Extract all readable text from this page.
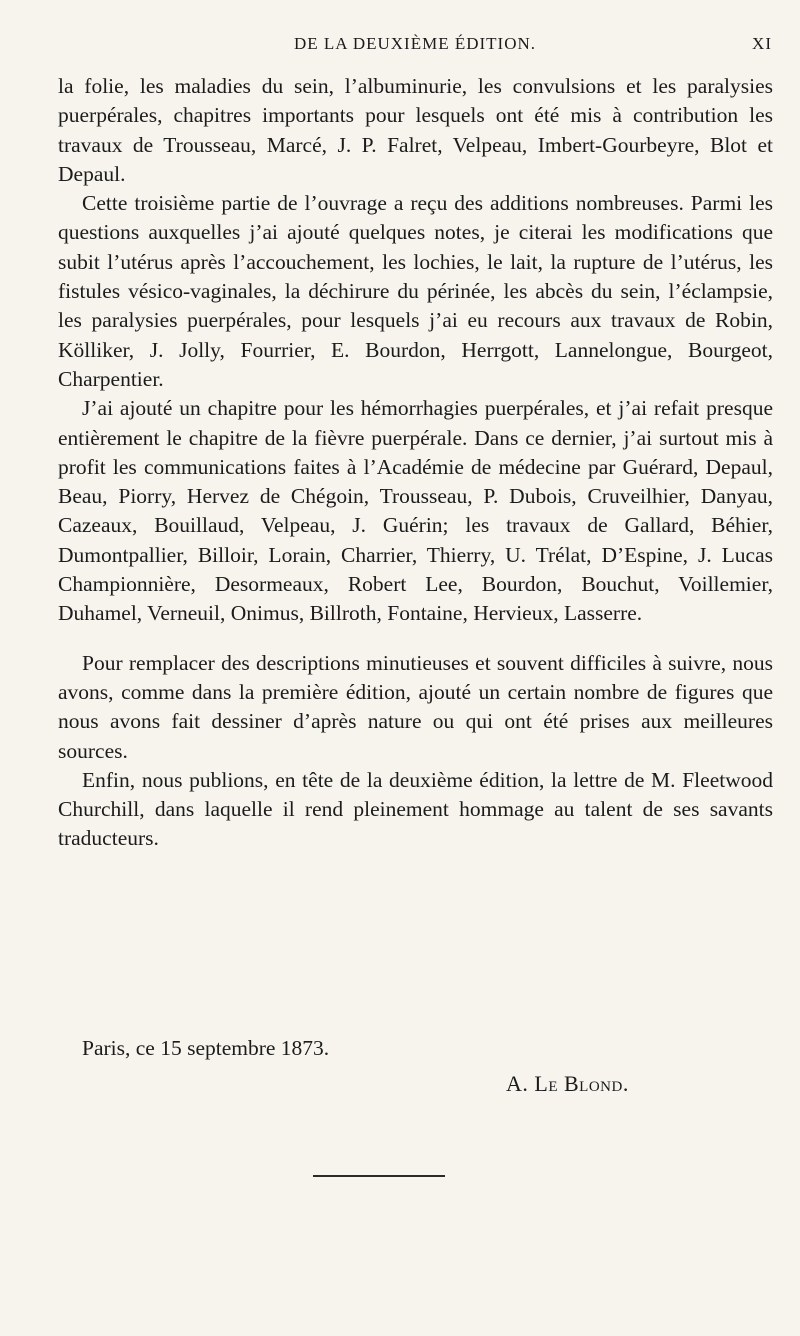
DE LA DEUXIÈME ÉDITION.	XI

la folie, les maladies du sein, l’albuminurie, les convulsions et les paralysies puerpérales, chapitres importants pour lesquels ont été mis à contribution les travaux de Trousseau, Marcé, J. P. Falret, Velpeau, Imbert-Gourbeyre, Blot et Depaul.

Cette troisième partie de l’ouvrage a reçu des additions nombreuses. Parmi les questions auxquelles j’ai ajouté quelques notes, je citerai les modifications que subit l’utérus après l’accouchement, les lochies, le lait, la rupture de l’utérus, les fistules vésico-vaginales, la déchirure du périnée, les abcès du sein, l’éclampsie, les paralysies puerpérales, pour lesquels j’ai eu recours aux travaux de Robin, Kölliker, J. Jolly, Fourrier, E. Bourdon, Herrgott, Lannelongue, Bourgeot, Charpentier.

J’ai ajouté un chapitre pour les hémorrhagies puerpérales, et j’ai refait presque entièrement le chapitre de la fièvre puerpérale. Dans ce dernier, j’ai surtout mis à profit les communications faites à l’Académie de médecine par Guérard, Depaul, Beau, Piorry, Hervez de Chégoin, Trousseau, P. Dubois, Cruveilhier, Danyau, Cazeaux, Bouillaud, Velpeau, J. Guérin; les travaux de Gallard, Béhier, Dumontpallier, Billoir, Lorain, Charrier, Thierry, U. Trélat, D’Espine, J. Lucas Championnière, Desormeaux, Robert Lee, Bourdon, Bouchut, Voillemier, Duhamel, Verneuil, Onimus, Billroth, Fontaine, Hervieux, Lasserre.

Pour remplacer des descriptions minutieuses et souvent difficiles à suivre, nous avons, comme dans la première édition, ajouté un certain nombre de figures que nous avons fait dessiner d’après nature ou qui ont été prises aux meilleures sources.

Enfin, nous publions, en tête de la deuxième édition, la lettre de M. Fleetwood Churchill, dans laquelle il rend pleinement hommage au talent de ses savants traducteurs.

Paris, ce 15 septembre 1873.
A. Le Blond.
